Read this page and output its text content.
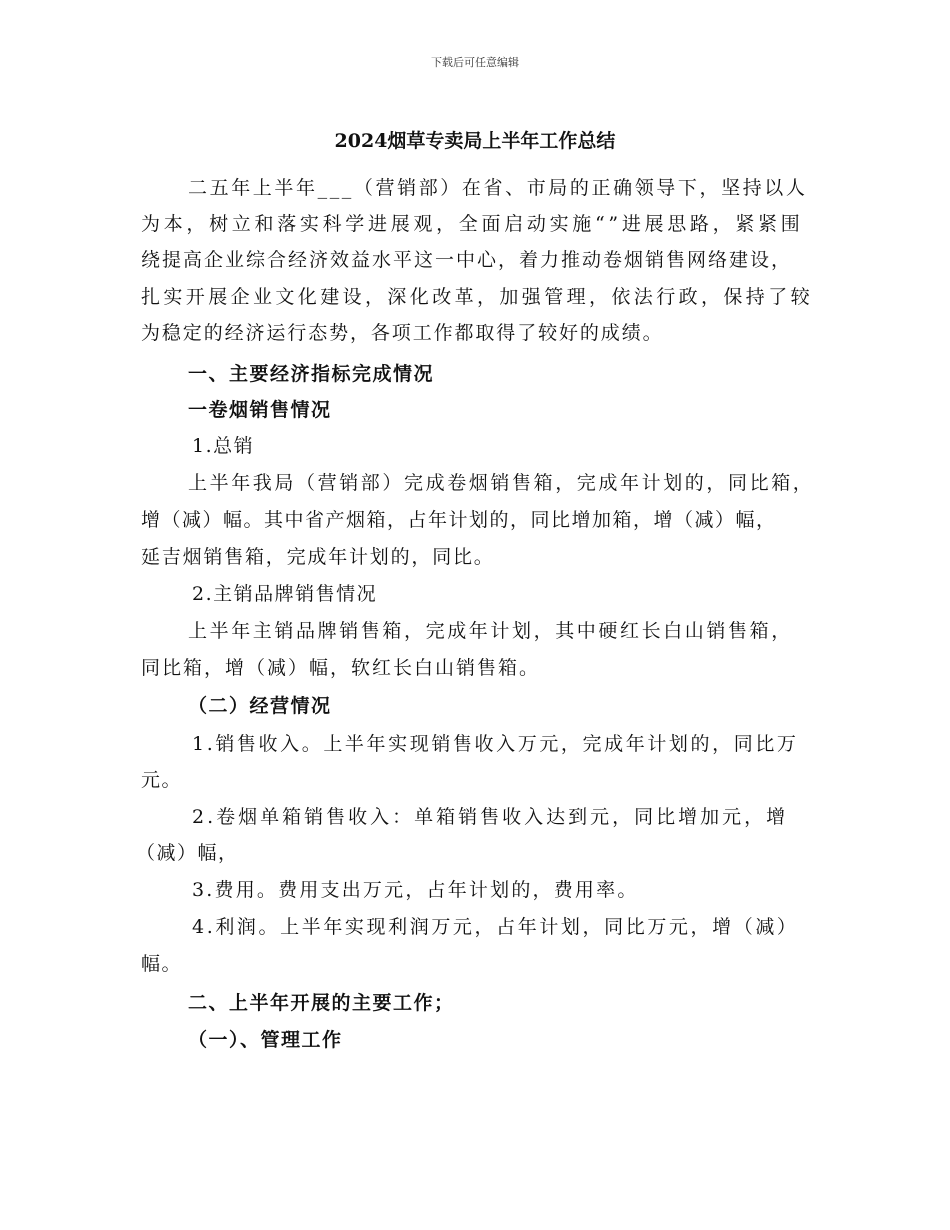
下载后可任意编辑
2024烟草专卖局上半年工作总结
二五年上半年___（营销部）在省、市局的正确领导下，坚持以人
为本，树立和落实科学进展观，全面启动实施“”进展思路，紧紧围
绕提高企业综合经济效益水平这一中心，着力推动卷烟销售网络建设，
扎实开展企业文化建设，深化改革，加强管理，依法行政，保持了较
为稳定的经济运行态势，各项工作都取得了较好的成绩。
一、主要经济指标完成情况
一卷烟销售情况
1.总销
上半年我局（营销部）完成卷烟销售箱，完成年计划的，同比箱，
增（减）幅。其中省产烟箱，占年计划的，同比增加箱，增（减）幅，
延吉烟销售箱，完成年计划的，同比。
2.主销品牌销售情况
上半年主销品牌销售箱，完成年计划，其中硬红长白山销售箱，
同比箱，增（减）幅，软红长白山销售箱。
（二）经营情况
1.销售收入。上半年实现销售收入万元，完成年计划的，同比万
元。
2.卷烟单箱销售收入：单箱销售收入达到元，同比增加元，增
（减）幅，
3.费用。费用支出万元，占年计划的，费用率。
4.利润。上半年实现利润万元，占年计划，同比万元，增（减）
幅。
二、上半年开展的主要工作；
（一）、管理工作
